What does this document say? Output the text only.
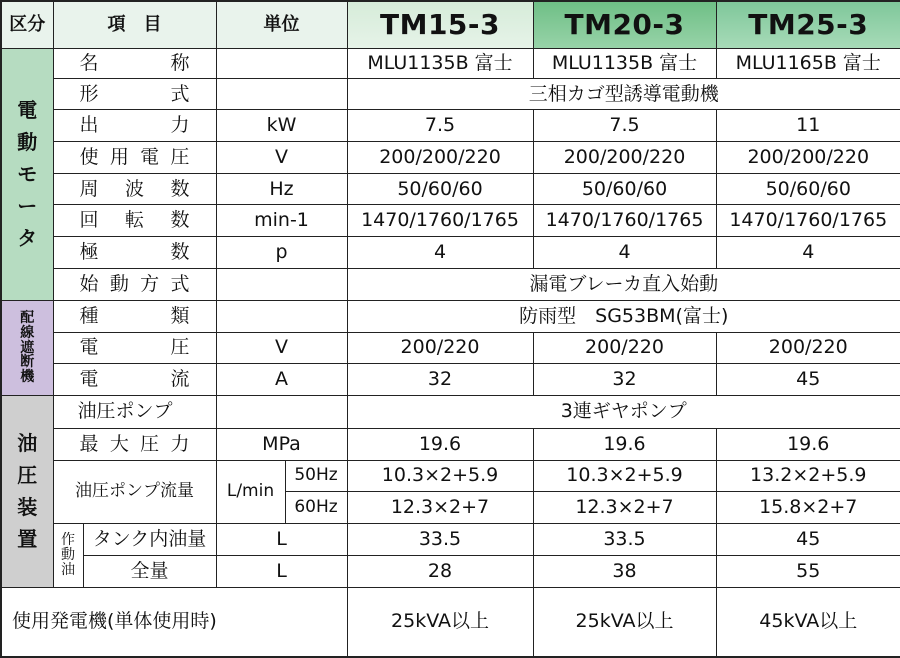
区分	項　目		単位		TM15-3	TM20-3	TM25-3
電動モータ	名称				MLU1135B 富士	MLU1135B 富士	MLU1165B 富士
	形式				三相カゴ型誘導電動機		
	出力		kW		7.5	7.5	11
	使用電圧		V		200/200/220	200/200/220	200/200/220
	周波数		Hz		50/60/60	50/60/60	50/60/60
	回転数		min-1		1470/1760/1765	1470/1760/1765	1470/1760/1765
	極数		p		4	4	4
	始動方式				漏電ブレーカ直入始動		
配線遮断機	種類				防雨型　SG53BM(富士)		
	電圧		V		200/220	200/220	200/220
	電流		A		32	32	45
油圧装置	油圧ポンプ				3連ギヤポンプ		
	最大圧力		MPa		19.6	19.6	19.6
	油圧ポンプ流量		L/min	50Hz	10.3×2+5.9	10.3×2+5.9	13.2×2+5.9
				60Hz	12.3×2+7	12.3×2+7	15.8×2+7
	作動油	タンク内油量	L		33.5	33.5	45
		全量	L		28	38	55
使用発電機(単体使用時)					25kVA以上	25kVA以上	45kVA以上
